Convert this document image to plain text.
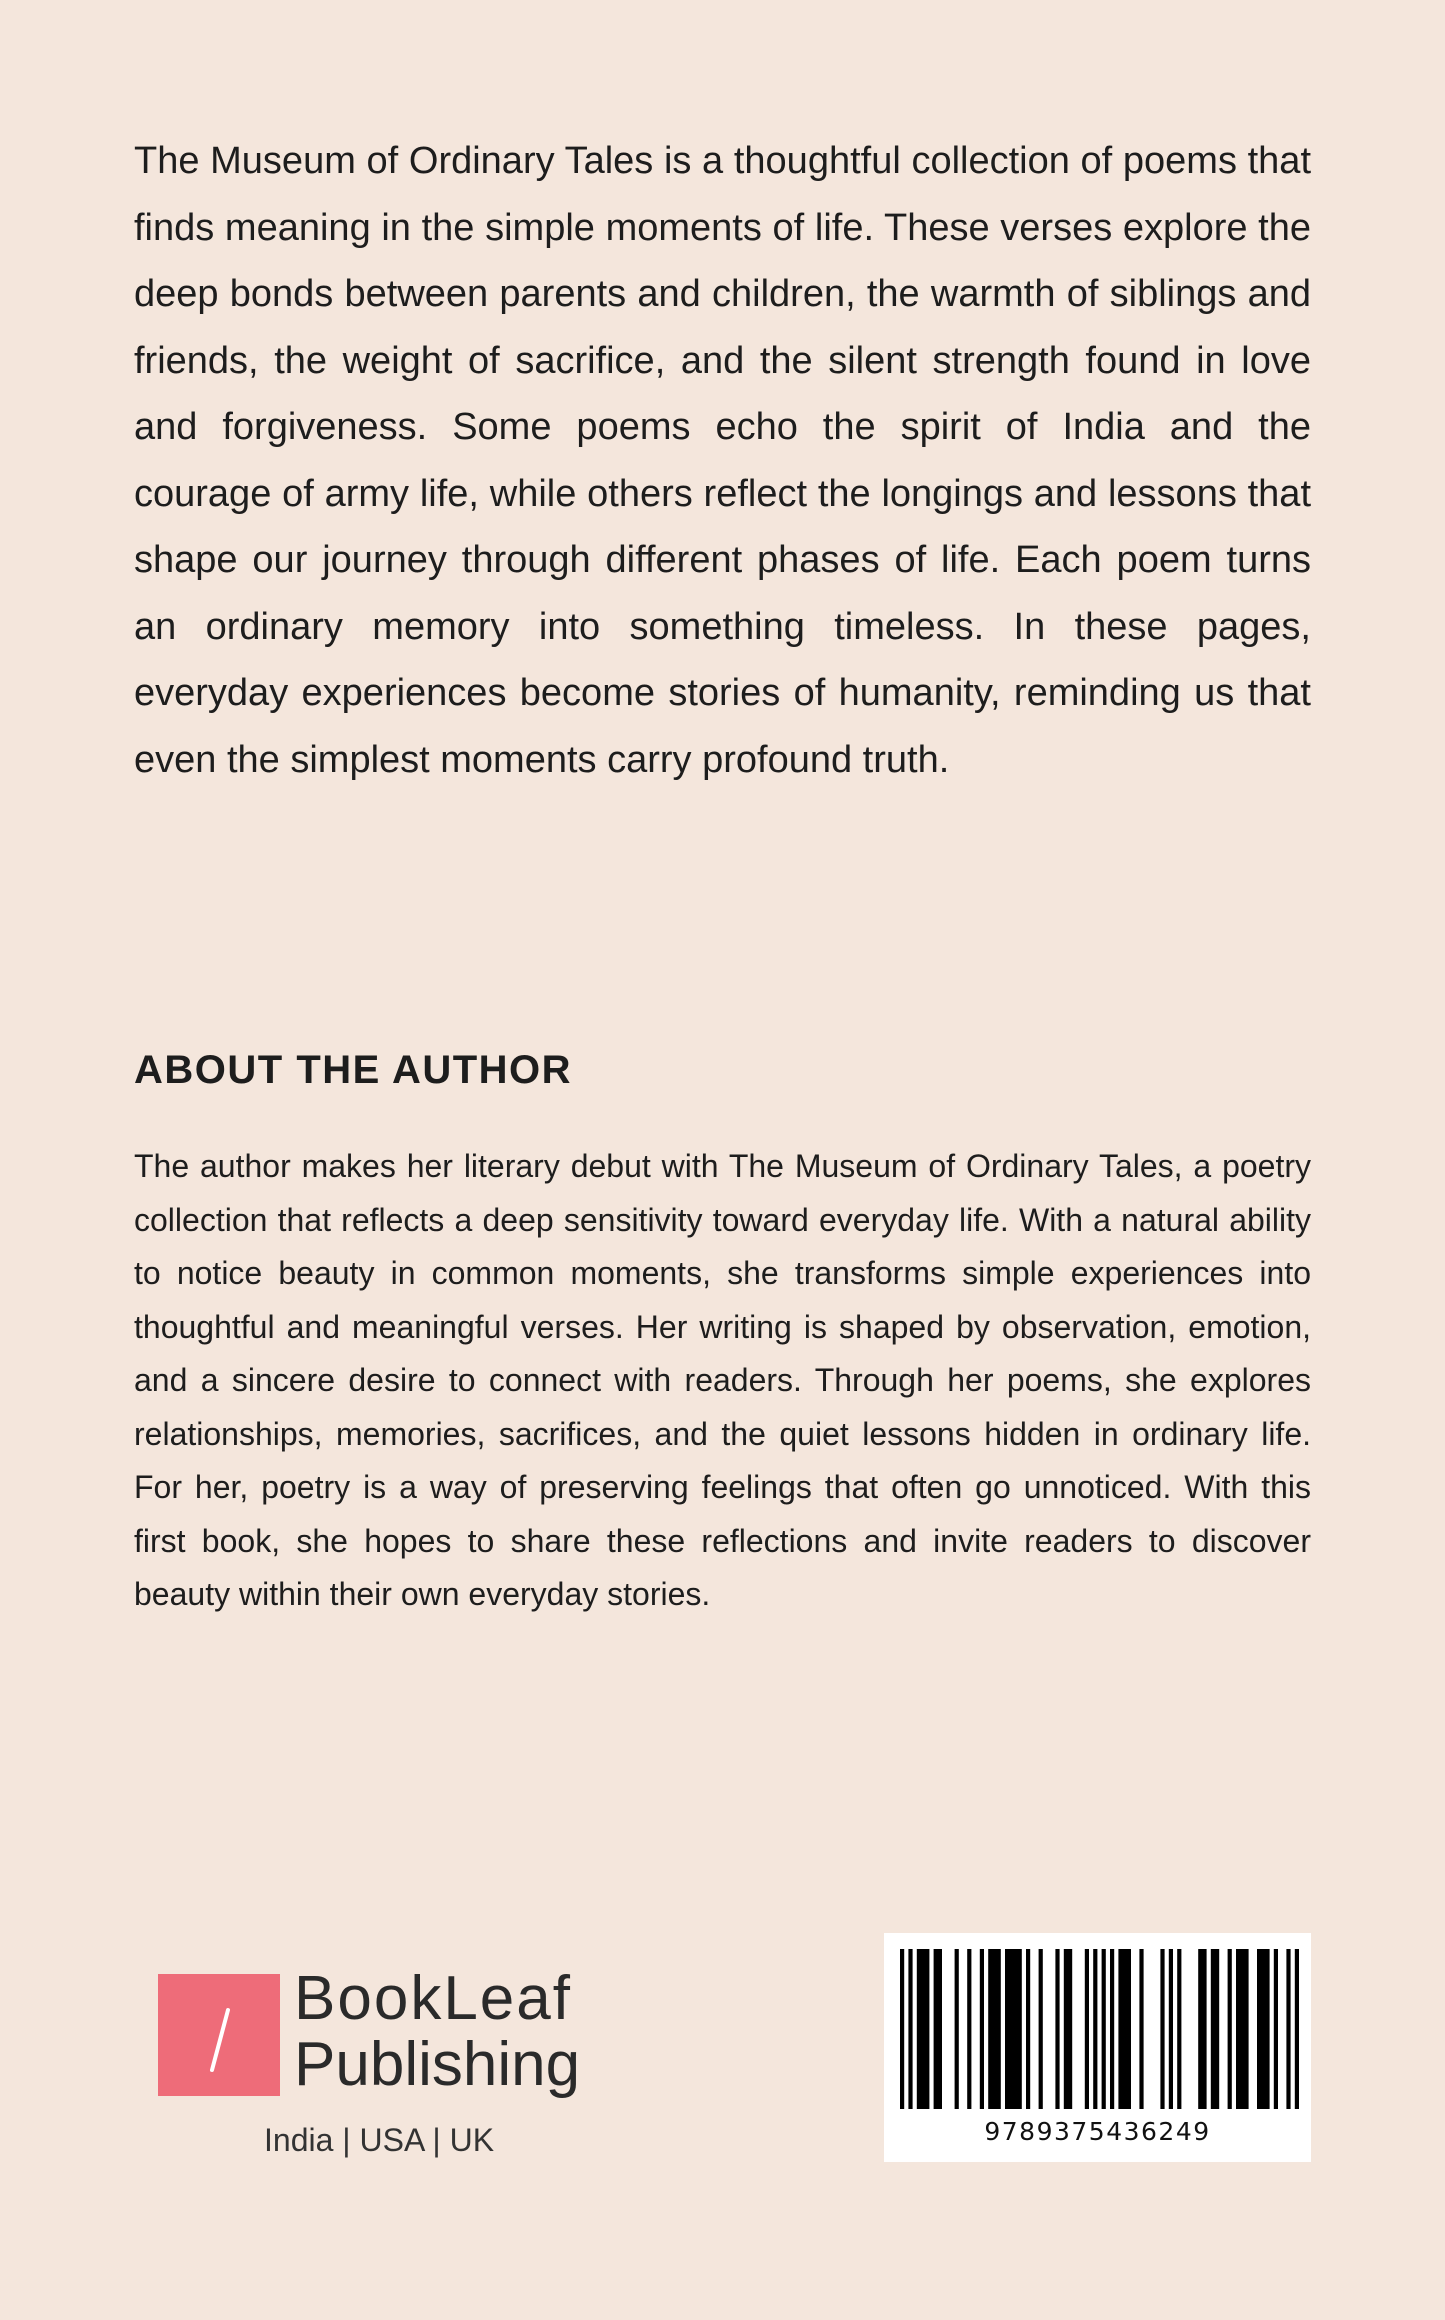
The Museum of Ordinary Tales is a thoughtful collection of poems that finds meaning in the simple moments of life. These verses explore the deep bonds between parents and children, the warmth of siblings and friends, the weight of sacrifice, and the silent strength found in love and forgiveness. Some poems echo the spirit of India and the courage of army life, while others reflect the longings and lessons that shape our journey through different phases of life. Each poem turns an ordinary memory into something timeless. In these pages, everyday experiences become stories of humanity, reminding us that even the simplest moments carry profound truth.

ABOUT THE AUTHOR

The author makes her literary debut with The Museum of Ordinary Tales, a poetry collection that reflects a deep sensitivity toward everyday life. With a natural ability to notice beauty in common moments, she transforms simple experiences into thoughtful and meaningful verses. Her writing is shaped by observation, emotion, and a sincere desire to connect with readers. Through her poems, she explores relationships, memories, sacrifices, and the quiet lessons hidden in ordinary life. For her, poetry is a way of preserving feelings that often go unnoticed. With this first book, she hopes to share these reflections and invite readers to discover beauty within their own everyday stories.

BookLeaf
Publishing
India | USA | UK	9789375436249
